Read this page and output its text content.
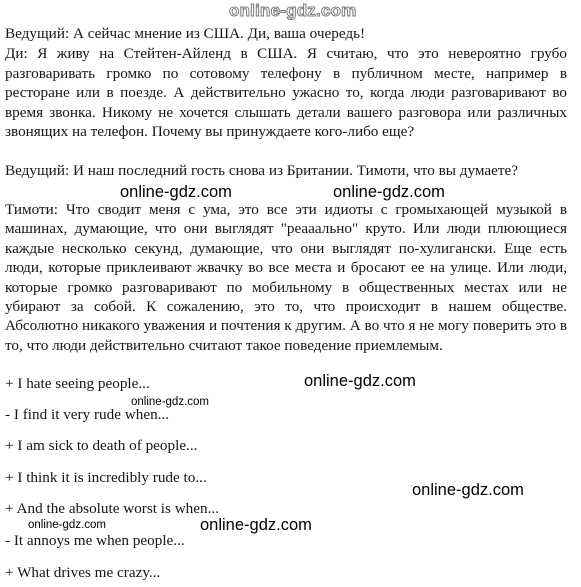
online-gdz.com
Ведущий: А сейчас мнение из США. Ди, ваша очередь!
Ди: Я живу на Стейтен-Айленд в США. Я считаю, что это невероятно грубо разговаривать громко по сотовому телефону в публичном месте, например в ресторане или в поезде. А действительно ужасно то, когда люди разговаривают во время звонка. Никому не хочется слышать детали вашего разговора или различных звонящих на телефон. Почему вы принуждаете кого-либо еще?
Ведущий: И наш последний гость снова из Британии. Тимоти, что вы думаете?
Тимоти: Что сводит меня с ума, это все эти идиоты с громыхающей музыкой в машинах, думающие, что они выглядят "реааально" круто. Или люди плюющиеся каждые несколько секунд, думающие, что они выглядят по-хулигански. Еще есть люди, которые приклеивают жвачку во все места и бросают ее на улице. Или люди, которые громко разговаривают по мобильному в общественных местах или не убирают за собой. К сожалению, это то, что происходит в нашем обществе. Абсолютно никакого уважения и почтения к другим. А во что я не могу поверить это в то, что люди действительно считают такое поведение приемлемым.
+ I hate seeing people...
- I find it very rude when...
+ I am sick to death of people...
+ I think it is incredibly rude to...
+ And the absolute worst is when...
- It annoys me when people...
+ What drives me crazy...
online-gdz.com	online-gdz.com
online-gdz.com
online-gdz.com
online-gdz.com
online-gdz.com	online-gdz.com
